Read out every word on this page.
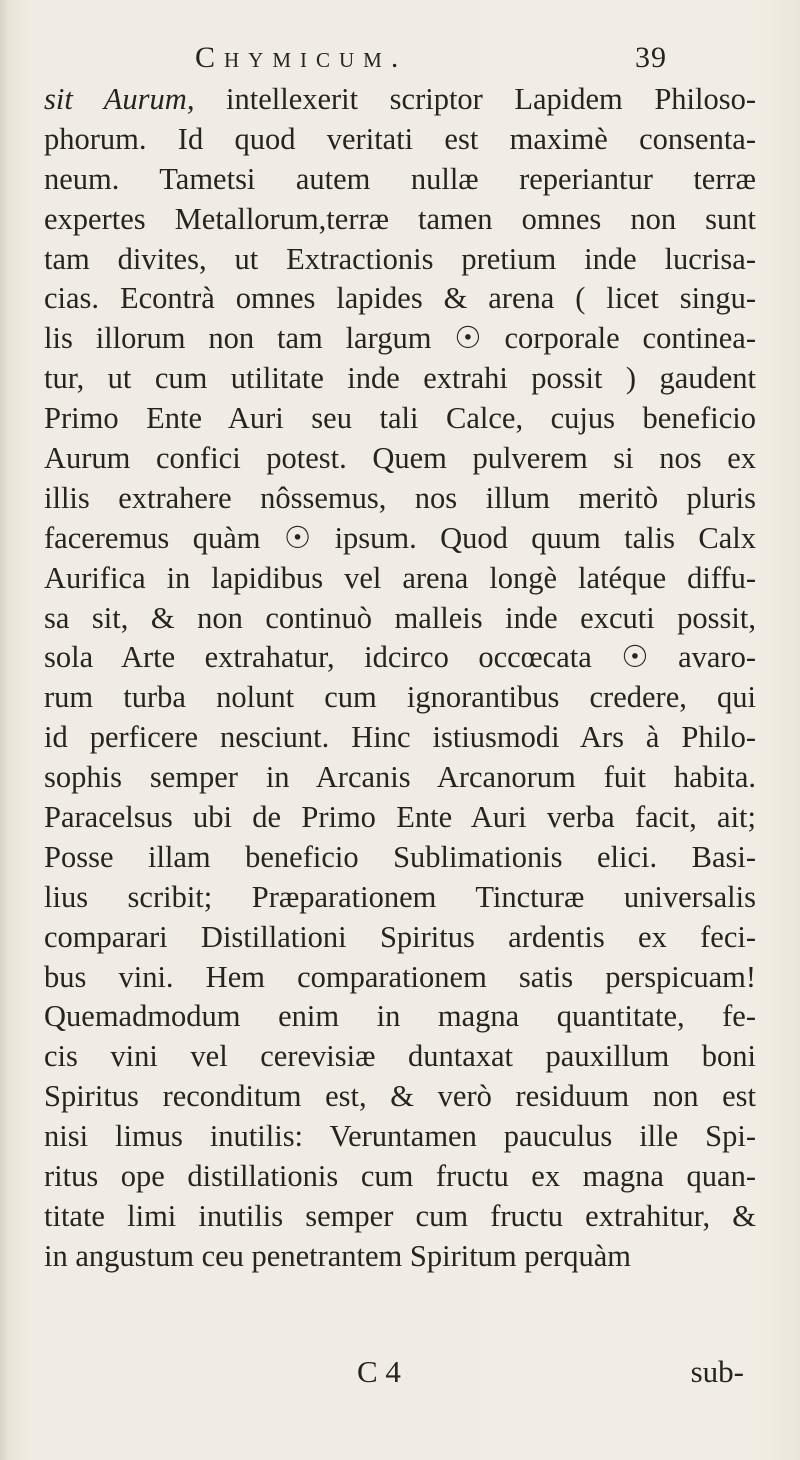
Chymicum.	39
sit Aurum, intellexerit scriptor Lapidem Philoso-
phorum. Id quod veritati est maximè consenta-
neum. Tametsi autem nullæ reperiantur terræ
expertes Metallorum,terræ tamen omnes non sunt
tam divites, ut Extractionis pretium inde lucrisa-
cias. Econtrà omnes lapides & arena ( licet singu-
lis illorum non tam largum ☉ corporale continea-
tur, ut cum utilitate inde extrahi possit ) gaudent
Primo Ente Auri seu tali Calce, cujus beneficio
Aurum confici potest. Quem pulverem si nos ex
illis extrahere nôssemus, nos illum meritò pluris
faceremus quàm ☉ ipsum. Quod quum talis Calx
Aurifica in lapidibus vel arena longè latéque diffu-
sa sit, & non continuò malleis inde excuti possit,
sola Arte extrahatur, idcirco occœcata ☉ avaro-
rum turba nolunt cum ignorantibus credere, qui
id perficere nesciunt. Hinc istiusmodi Ars à Philo-
sophis semper in Arcanis Arcanorum fuit habita.
Paracelsus ubi de Primo Ente Auri verba facit, ait;
Posse illam beneficio Sublimationis elici. Basi-
lius scribit; Præparationem Tincturæ universalis
comparari Distillationi Spiritus ardentis ex feci-
bus vini. Hem comparationem satis perspicuam!
Quemadmodum enim in magna quantitate, fe-
cis vini vel cerevisiæ duntaxat pauxillum boni
Spiritus reconditum est, & verò residuum non est
nisi limus inutilis: Veruntamen pauculus ille Spi-
ritus ope distillationis cum fructu ex magna quan-
titate limi inutilis semper cum fructu extrahitur, &
in angustum ceu penetrantem Spiritum perquàm
C 4	sub-
